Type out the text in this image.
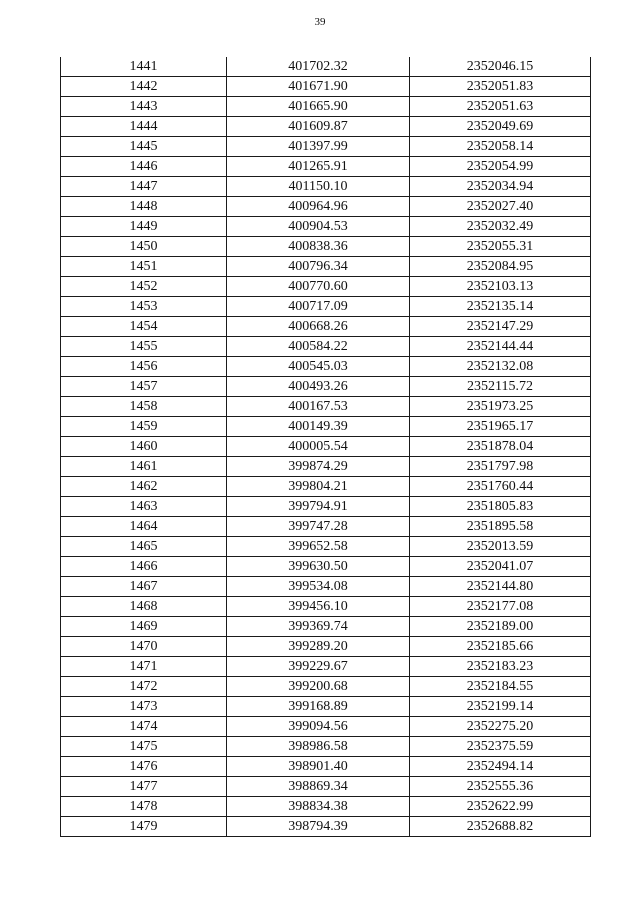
39
1441	401702.32	2352046.15
1442	401671.90	2352051.83
1443	401665.90	2352051.63
1444	401609.87	2352049.69
1445	401397.99	2352058.14
1446	401265.91	2352054.99
1447	401150.10	2352034.94
1448	400964.96	2352027.40
1449	400904.53	2352032.49
1450	400838.36	2352055.31
1451	400796.34	2352084.95
1452	400770.60	2352103.13
1453	400717.09	2352135.14
1454	400668.26	2352147.29
1455	400584.22	2352144.44
1456	400545.03	2352132.08
1457	400493.26	2352115.72
1458	400167.53	2351973.25
1459	400149.39	2351965.17
1460	400005.54	2351878.04
1461	399874.29	2351797.98
1462	399804.21	2351760.44
1463	399794.91	2351805.83
1464	399747.28	2351895.58
1465	399652.58	2352013.59
1466	399630.50	2352041.07
1467	399534.08	2352144.80
1468	399456.10	2352177.08
1469	399369.74	2352189.00
1470	399289.20	2352185.66
1471	399229.67	2352183.23
1472	399200.68	2352184.55
1473	399168.89	2352199.14
1474	399094.56	2352275.20
1475	398986.58	2352375.59
1476	398901.40	2352494.14
1477	398869.34	2352555.36
1478	398834.38	2352622.99
1479	398794.39	2352688.82
